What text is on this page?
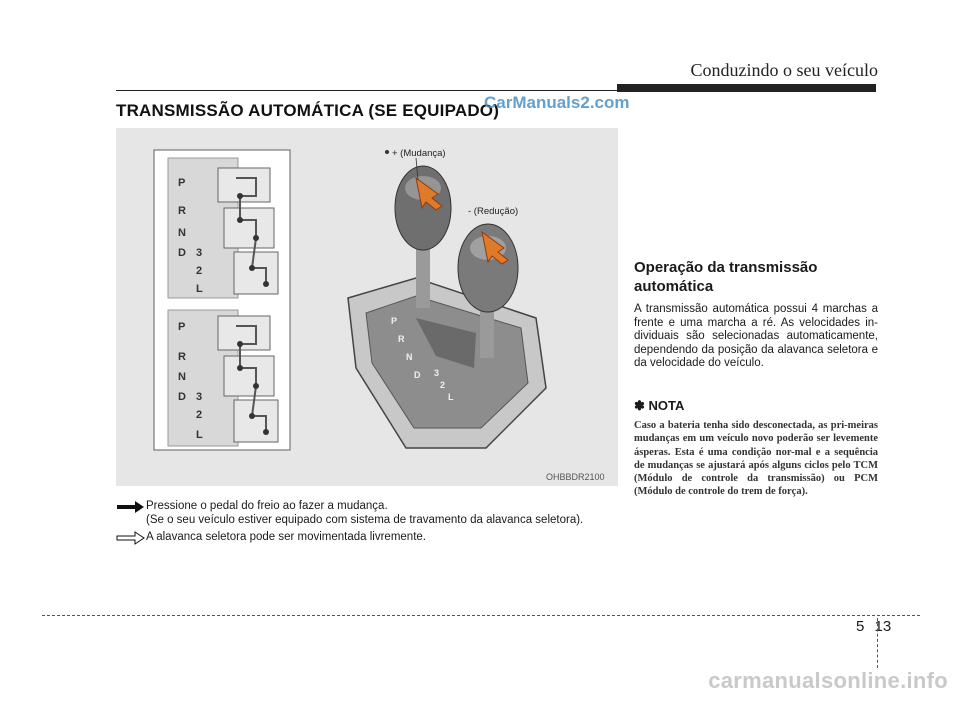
Conduzindo o seu veículo
TRANSMISSÃO AUTOMÁTICA (SE EQUIPADO)
CarManuals2.com
P
R
N
D 3
2
L
P
R
N
D 3
2
L
P
R
N
D 3
2
L
+ (Mudança)
- (Redução)
OHBBDR2100
Pressione o pedal do freio ao fazer a mudança.
(Se o seu veículo estiver equipado com sistema de travamento da alavanca seletora).
A alavanca seletora pode ser movimentada livremente.
Operação da transmissão automática
A transmissão automática possui 4 marchas a frente e uma marcha a ré. As velocidades in-dividuais são selecionadas automaticamente, dependendo da posição da alavanca seletora e da velocidade do veículo.
✽ NOTA
Caso a bateria tenha sido desconectada, as pri-meiras mudanças em um veículo novo poderão ser levemente ásperas. Esta é uma condição nor-mal e a sequência de mudanças se ajustará após alguns ciclos pelo TCM (Módulo de controle da transmissão) ou PCM (Módulo de controle do trem de força).
5 13
carmanualsonline.info
